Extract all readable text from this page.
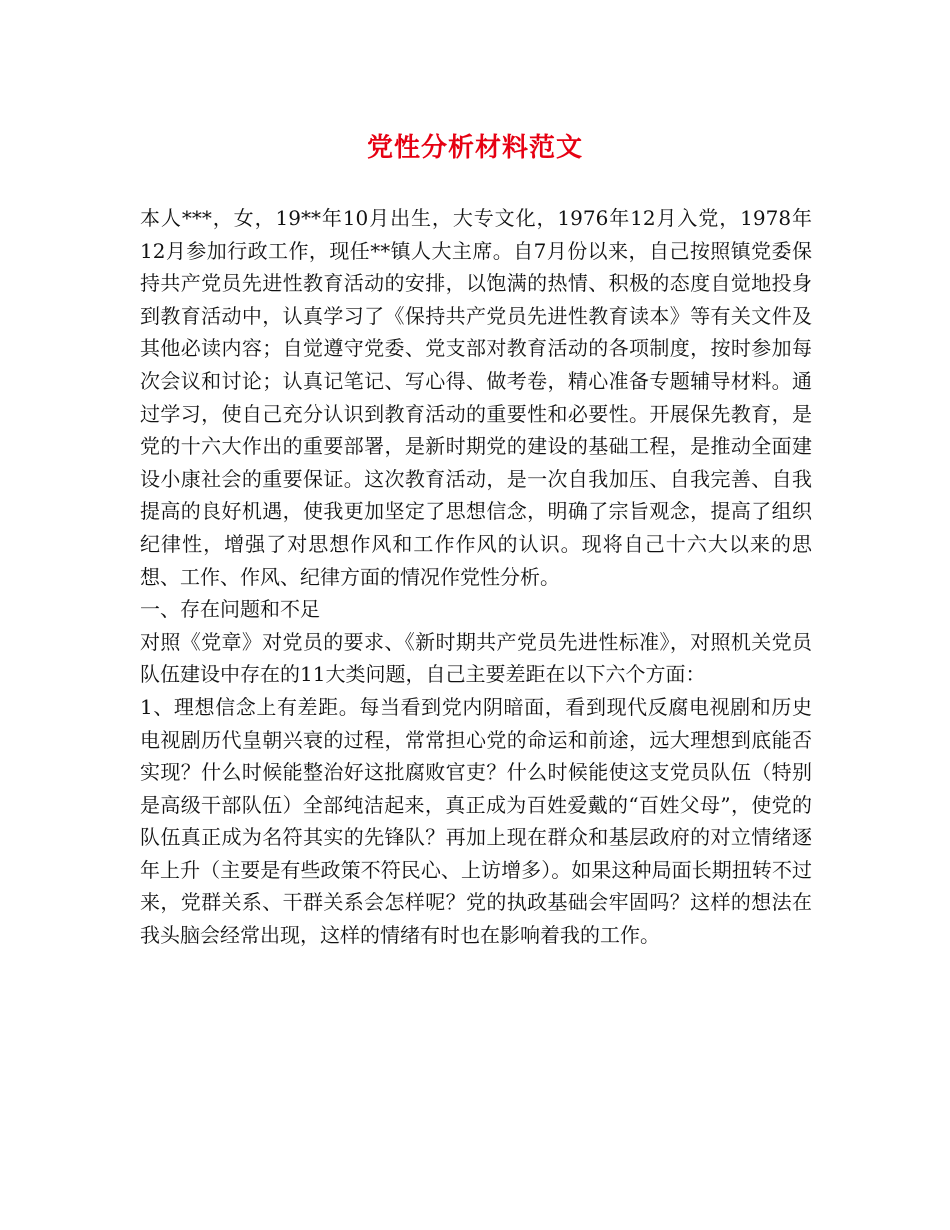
党性分析材料范文

本人***，女，19**年10月出生，大专文化，1976年12月入党，1978年12月参加行政工作，现任**镇人大主席。自7月份以来，自己按照镇党委保持共产党员先进性教育活动的安排，以饱满的热情、积极的态度自觉地投身到教育活动中，认真学习了《保持共产党员先进性教育读本》等有关文件及其他必读内容；自觉遵守党委、党支部对教育活动的各项制度，按时参加每次会议和讨论；认真记笔记、写心得、做考卷，精心准备专题辅导材料。通过学习，使自己充分认识到教育活动的重要性和必要性。开展保先教育，是党的十六大作出的重要部署，是新时期党的建设的基础工程，是推动全面建设小康社会的重要保证。这次教育活动，是一次自我加压、自我完善、自我提高的良好机遇，使我更加坚定了思想信念，明确了宗旨观念，提高了组织纪律性，增强了对思想作风和工作作风的认识。现将自己十六大以来的思想、工作、作风、纪律方面的情况作党性分析。

一、存在问题和不足

对照《党章》对党员的要求、《新时期共产党员先进性标准》，对照机关党员队伍建设中存在的11大类问题，自己主要差距在以下六个方面：

1、理想信念上有差距。每当看到党内阴暗面，看到现代反腐电视剧和历史电视剧历代皇朝兴衰的过程，常常担心党的命运和前途，远大理想到底能否实现？什么时候能整治好这批腐败官吏？什么时候能使这支党员队伍（特别是高级干部队伍）全部纯洁起来，真正成为百姓爱戴的“百姓父母”，使党的队伍真正成为名符其实的先锋队？再加上现在群众和基层政府的对立情绪逐年上升（主要是有些政策不符民心、上访增多）。如果这种局面长期扭转不过来，党群关系、干群关系会怎样呢？党的执政基础会牢固吗？这样的想法在我头脑会经常出现，这样的情绪有时也在影响着我的工作。
